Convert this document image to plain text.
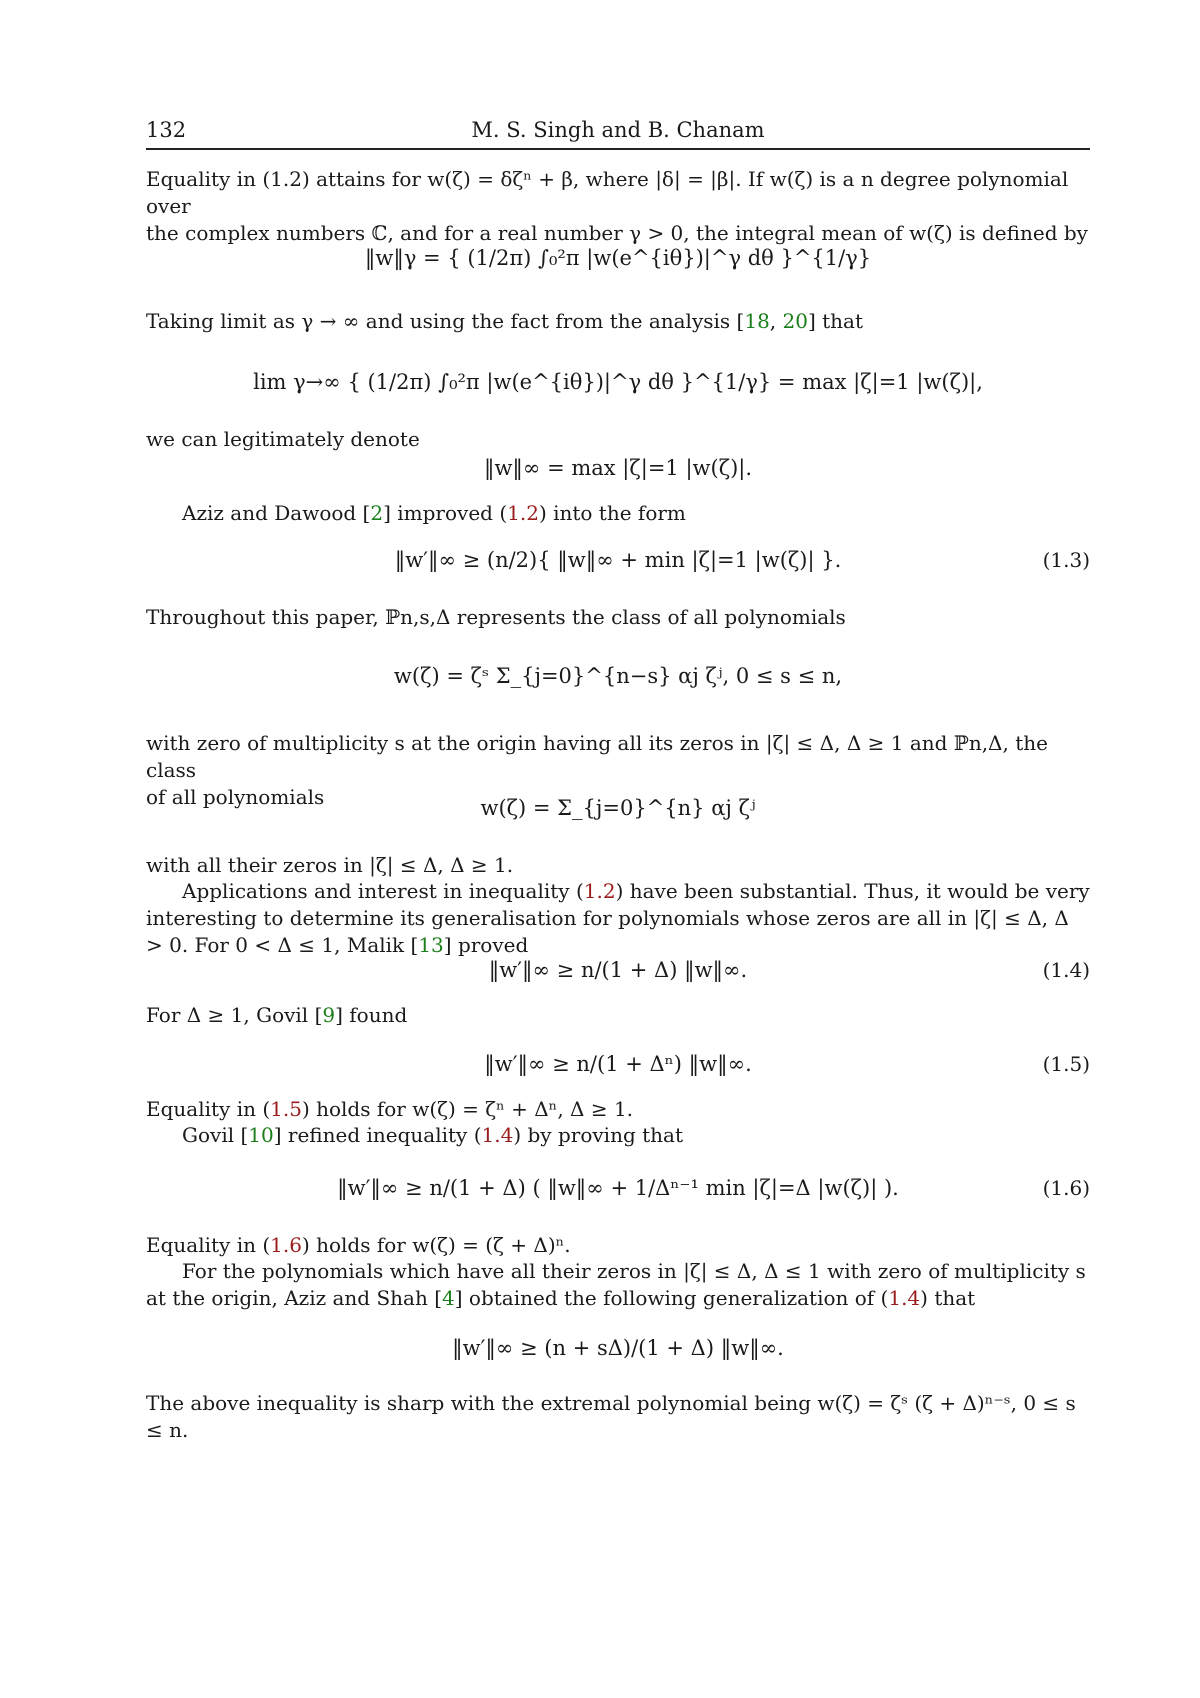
132	M. S. Singh and B. Chanam
Equality in (1.2) attains for w(ζ) = δζⁿ + β, where |δ| = |β|. If w(ζ) is a n degree polynomial over
the complex numbers ℂ, and for a real number γ > 0, the integral mean of w(ζ) is defined by
‖w‖γ = { (1/2π) ∫₀²π |w(e^{iθ})|^γ dθ }^{1/γ}
Taking limit as γ → ∞ and using the fact from the analysis [18, 20] that
lim γ→∞ { (1/2π) ∫₀²π |w(e^{iθ})|^γ dθ }^{1/γ} = max |ζ|=1 |w(ζ)|,
we can legitimately denote
‖w‖∞ = max |ζ|=1 |w(ζ)|.
Aziz and Dawood [2] improved (1.2) into the form
‖w′‖∞ ≥ (n/2){ ‖w‖∞ + min |ζ|=1 |w(ζ)| }.	(1.3)
Throughout this paper, ℙn,s,Δ represents the class of all polynomials
w(ζ) = ζˢ Σ_{j=0}^{n−s} αj ζʲ, 0 ≤ s ≤ n,
with zero of multiplicity s at the origin having all its zeros in |ζ| ≤ Δ, Δ ≥ 1 and ℙn,Δ, the class
of all polynomials	w(ζ) = Σ_{j=0}^{n} αj ζʲ
with all their zeros in |ζ| ≤ Δ, Δ ≥ 1.
Applications and interest in inequality (1.2) have been substantial. Thus, it would be very interesting to determine its generalisation for polynomials whose zeros are all in |ζ| ≤ Δ, Δ > 0. For 0 < Δ ≤ 1, Malik [13] proved
‖w′‖∞ ≥ n/(1 + Δ) ‖w‖∞.	(1.4)
For Δ ≥ 1, Govil [9] found
‖w′‖∞ ≥ n/(1 + Δⁿ) ‖w‖∞.	(1.5)
Equality in (1.5) holds for w(ζ) = ζⁿ + Δⁿ, Δ ≥ 1.
Govil [10] refined inequality (1.4) by proving that
‖w′‖∞ ≥ n/(1 + Δ) ( ‖w‖∞ + 1/Δⁿ⁻¹ min |ζ|=Δ |w(ζ)| ).	(1.6)
Equality in (1.6) holds for w(ζ) = (ζ + Δ)ⁿ.
For the polynomials which have all their zeros in |ζ| ≤ Δ, Δ ≤ 1 with zero of multiplicity s at the origin, Aziz and Shah [4] obtained the following generalization of (1.4) that
‖w′‖∞ ≥ (n + sΔ)/(1 + Δ) ‖w‖∞.
The above inequality is sharp with the extremal polynomial being w(ζ) = ζˢ (ζ + Δ)ⁿ⁻ˢ, 0 ≤ s ≤ n.
